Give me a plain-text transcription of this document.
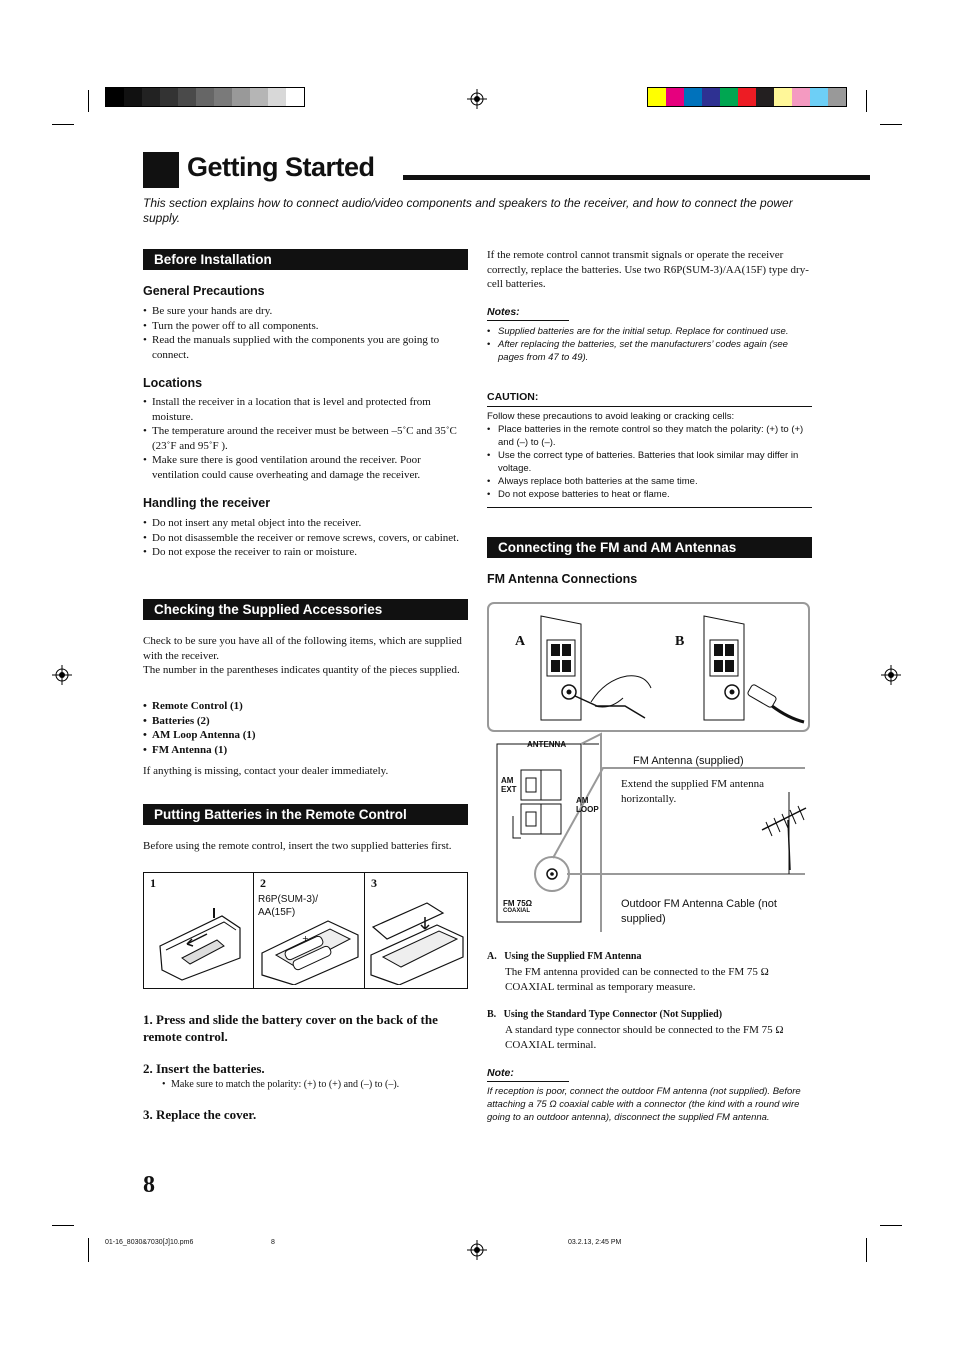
Getting Started
This section explains how to connect audio/video components and speakers to the receiver, and how to connect the power supply.
Before Installation
General Precautions
• Be sure your hands are dry.
• Turn the power off to all components.
• Read the manuals supplied with the components you are going to connect.
Locations
• Install the receiver in a location that is level and protected from moisture.
• The temperature around the receiver must be between –5˚C and 35˚C (23˚F and 95˚F ).
• Make sure there is good ventilation around the receiver. Poor ventilation could cause overheating and damage the receiver.
Handling the receiver
• Do not insert any metal object into the receiver.
• Do not disassemble the receiver or remove screws, covers, or cabinet.
• Do not expose the receiver to rain or moisture.
Checking the Supplied Accessories
Check to be sure you have all of the following items, which are supplied with the receiver.
The number in the parentheses indicates quantity of the pieces supplied.
• Remote Control (1)
• Batteries (2)
• AM Loop Antenna (1)
• FM Antenna (1)
If anything is missing, contact your dealer immediately.
Putting Batteries in the Remote Control
Before using the remote control, insert the two supplied batteries first.
1	2
R6P(SUM-3)/ AA(15F)
+
3
1. Press and slide the battery cover on the back of the remote control.
2. Insert the batteries.
• Make sure to match the polarity: (+) to (+) and (–) to (–).
3. Replace the cover.
If the remote control cannot transmit signals or operate the receiver correctly, replace the batteries. Use two R6P(SUM-3)/AA(15F) type dry-cell batteries.
Notes:
• Supplied batteries are for the initial setup. Replace for continued use.
• After replacing the batteries, set the manufacturers’ codes again (see pages from 47 to 49).
CAUTION:
Follow these precautions to avoid leaking or cracking cells:
• Place batteries in the remote control so they match the polarity: (+) to (+) and (–) to (–).
• Use the correct type of batteries. Batteries that look similar may differ in voltage.
• Always replace both batteries at the same time.
• Do not expose batteries to heat or flame.
Connecting the FM and AM Antennas
FM Antenna Connections
A	B
ANTENNA
AM
EXT
AM
LOOP
FM 75Ω
COAXIAL
FM Antenna (supplied)
Extend the supplied FM antenna horizontally.
Outdoor FM Antenna Cable (not supplied)
A.   Using the Supplied FM Antenna
The FM antenna provided can be connected to the FM 75 Ω COAXIAL terminal as temporary measure.
B.   Using the Standard Type Connector (Not Supplied)
A standard type connector should be connected to the FM 75 Ω COAXIAL terminal.
Note:
If reception is poor, connect the outdoor FM antenna (not supplied). Before attaching a 75 Ω coaxial cable with a connector (the kind with a round wire going to an outdoor antenna), disconnect the supplied FM antenna.
8
01-16_8030&7030[J]10.pm6	8	03.2.13, 2:45 PM
